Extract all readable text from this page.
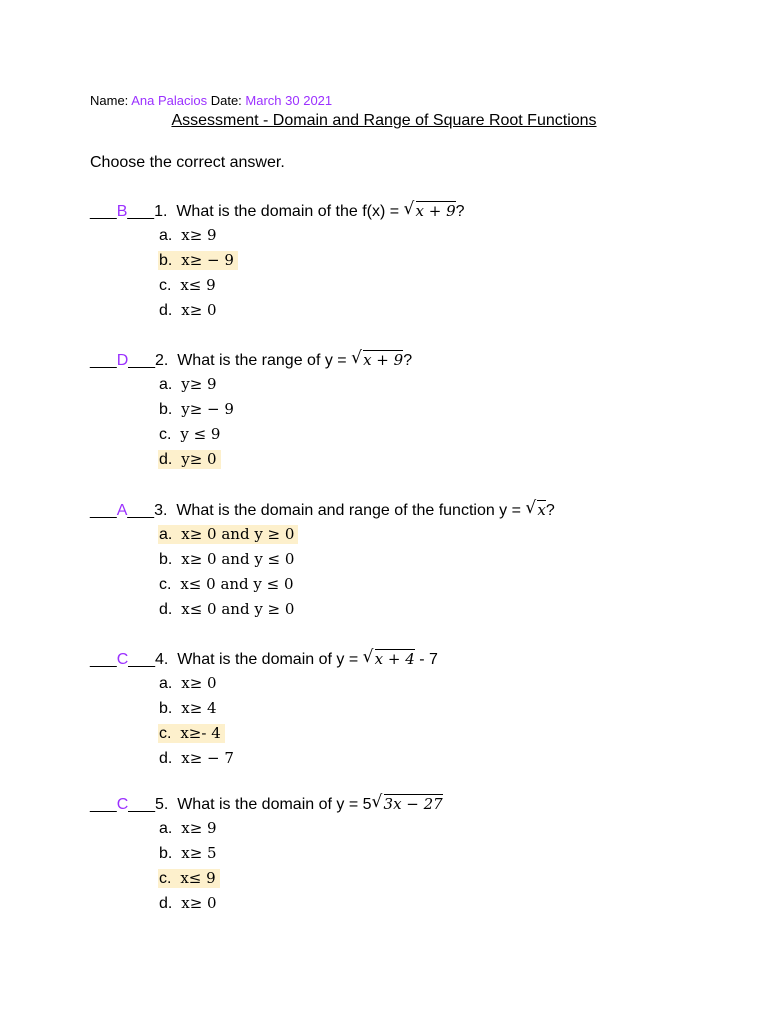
Name: Ana Palacios Date: March 30 2021
Assessment - Domain and Range of Square Root Functions
Choose the correct answer.
___B___1. What is the domain of the f(x) = √ x + 9?
a. x≥ 9
b. x≥ − 9
c. x≤ 9
d. x≥ 0
___D___2. What is the range of y = √ x + 9?
a. y≥ 9
b. y≥ − 9
c. y ≤ 9
d. y≥ 0
___A___3. What is the domain and range of the function y = √ x?
a. x≥ 0 and y ≥ 0
b. x≥ 0 and y ≤ 0
c. x≤ 0 and y ≤ 0
d. x≤ 0 and y ≥ 0
___C___4. What is the domain of y = √ x + 4 - 7
a. x≥ 0
b. x≥ 4
c. x≥- 4
d. x≥ − 7
___C___5. What is the domain of y = 5 √ 3x − 27
a. x≥ 9
b. x≥ 5
c. x≤ 9
d. x≥ 0
